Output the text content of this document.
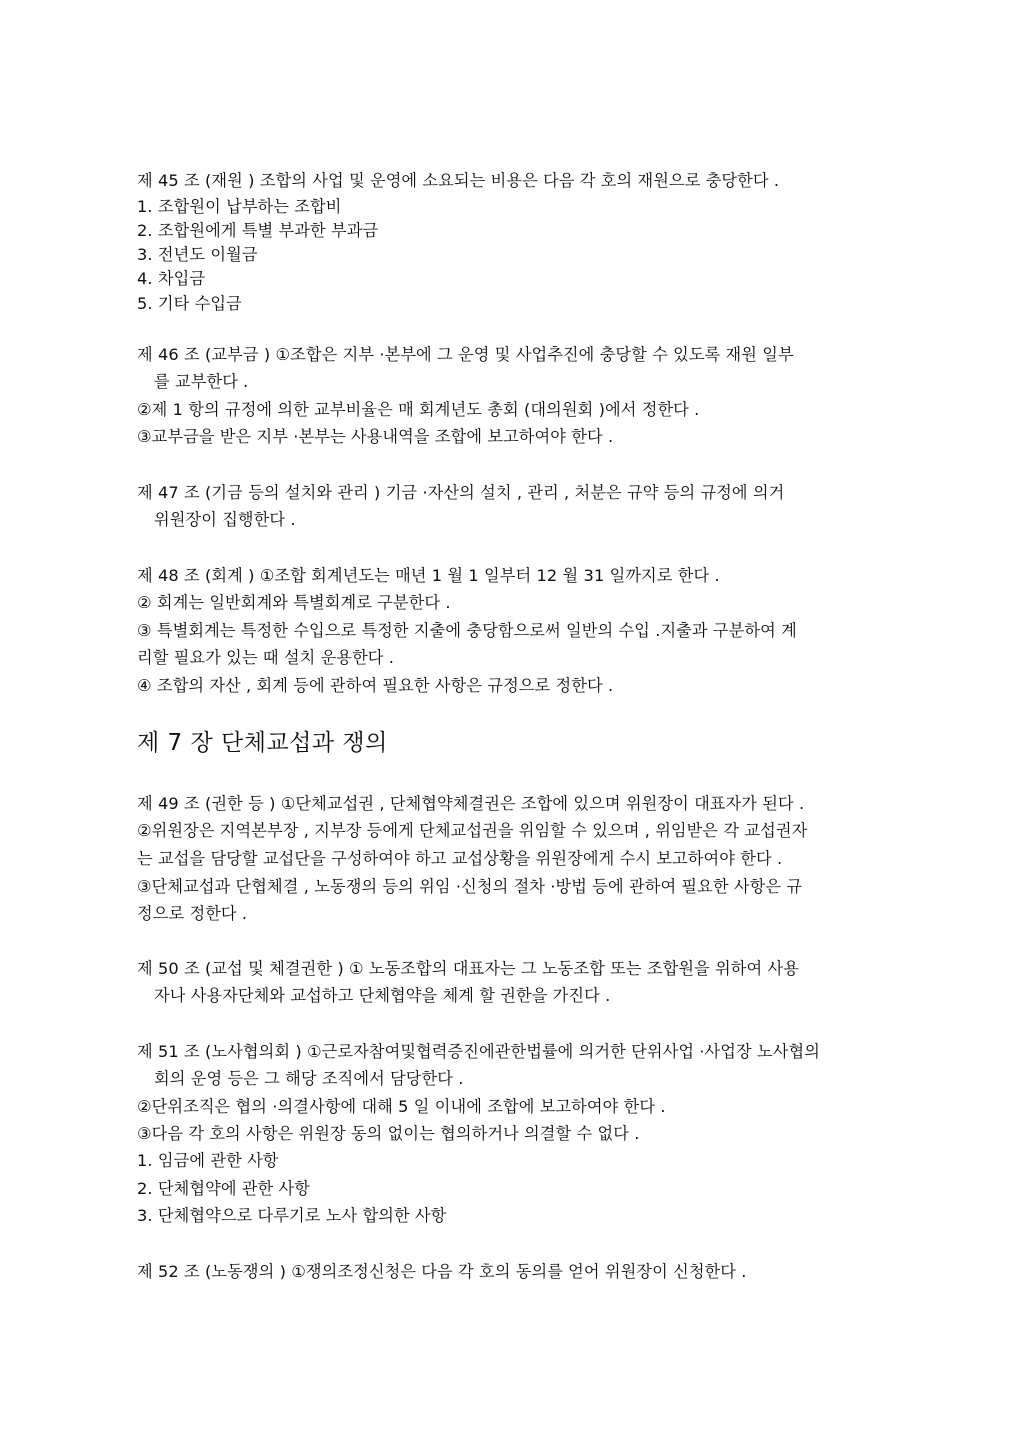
제 45 조 (재원 ) 조합의 사업 및 운영에 소요되는 비용은 다음 각 호의 재원으로 충당한다 .
1. 조합원이 납부하는 조합비
2. 조합원에게 특별 부과한 부과금
3. 전년도 이월금
4. 차입금
5. 기타 수입금
제 46 조 (교부금 ) ①조합은 지부 ·본부에 그 운영 및 사업추진에 충당할 수 있도록 재원 일부
를 교부한다 .
②제 1 항의 규정에 의한 교부비율은 매 회계년도 총회 (대의원회 )에서 정한다 .
③교부금을 받은 지부 ·본부는 사용내역을 조합에 보고하여야 한다 .
제 47 조 (기금 등의 설치와 관리 ) 기금 ·자산의 설치 , 관리 , 처분은 규약 등의 규정에 의거
위원장이 집행한다 .
제 48 조 (회계 ) ①조합 회계년도는 매년 1 월 1 일부터 12 월 31 일까지로 한다 .
② 회계는 일반회계와 특별회계로 구분한다 .
③ 특별회계는 특정한 수입으로 특정한 지출에 충당함으로써 일반의 수입 .지출과 구분하여 계
리할 필요가 있는 때 설치 운용한다 .
④ 조합의 자산 , 회계 등에 관하여 필요한 사항은 규정으로 정한다 .
제 7 장 단체교섭과 쟁의
제 49 조 (권한 등 ) ①단체교섭권 , 단체협약체결권은 조합에 있으며 위원장이 대표자가 된다 .
②위원장은 지역본부장 , 지부장 등에게 단체교섭권을 위임할 수 있으며 , 위임받은 각 교섭권자
는 교섭을 담당할 교섭단을 구성하여야 하고 교섭상황을 위원장에게 수시 보고하여야 한다 .
③단체교섭과 단협체결 , 노동쟁의 등의 위임 ·신청의 절차 ·방법 등에 관하여 필요한 사항은 규
정으로 정한다 .
제 50 조 (교섭 및 체결권한 ) ① 노동조합의 대표자는 그 노동조합 또는 조합원을 위하여 사용
자나 사용자단체와 교섭하고 단체협약을 체계 할 권한을 가진다 .
제 51 조 (노사협의회 ) ①근로자참여및협력증진에관한법률에 의거한 단위사업 ·사업장 노사협의
회의 운영 등은 그 해당 조직에서 담당한다 .
②단위조직은 협의 ·의결사항에 대해 5 일 이내에 조합에 보고하여야 한다 .
③다음 각 호의 사항은 위원장 동의 없이는 협의하거나 의결할 수 없다 .
1. 임금에 관한 사항
2. 단체협약에 관한 사항
3. 단체협약으로 다루기로 노사 합의한 사항
제 52 조 (노동쟁의 ) ①쟁의조정신청은 다음 각 호의 동의를 얻어 위원장이 신청한다 .
